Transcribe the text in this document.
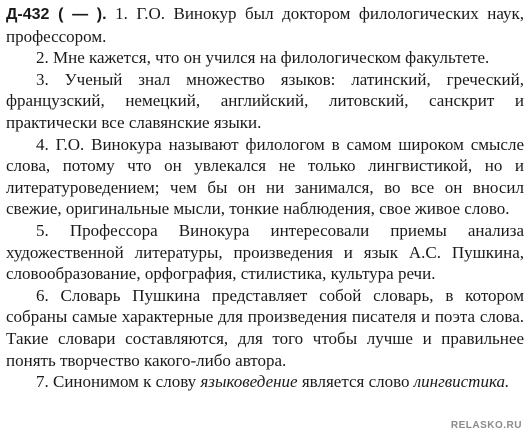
Д-432 ( — ). 1. Г.О. Винокур был доктором филологических наук, профессором.

2. Мне кажется, что он учился на филологическом факультете.

3. Ученый знал множество языков: латинский, греческий, французский, немецкий, английский, литовский, санскрит и практически все славянские языки.

4. Г.О. Винокура называют филологом в самом широком смысле слова, потому что он увлекался не только лингвистикой, но и литературоведением; чем бы он ни занимался, во все он вносил свежие, оригинальные мысли, тонкие наблюдения, свое живое слово.

5. Профессора Винокура интересовали приемы анализа художественной литературы, произведения и язык А.С. Пушкина, словообразование, орфография, стилистика, культура речи.

6. Словарь Пушкина представляет собой словарь, в котором собраны самые характерные для произведения писателя и поэта слова. Такие словари составляются, для того чтобы лучше и правильнее понять творчество какого-либо автора.

7. Синонимом к слову языковедение является слово лингвистика.

RELASKO.RU
